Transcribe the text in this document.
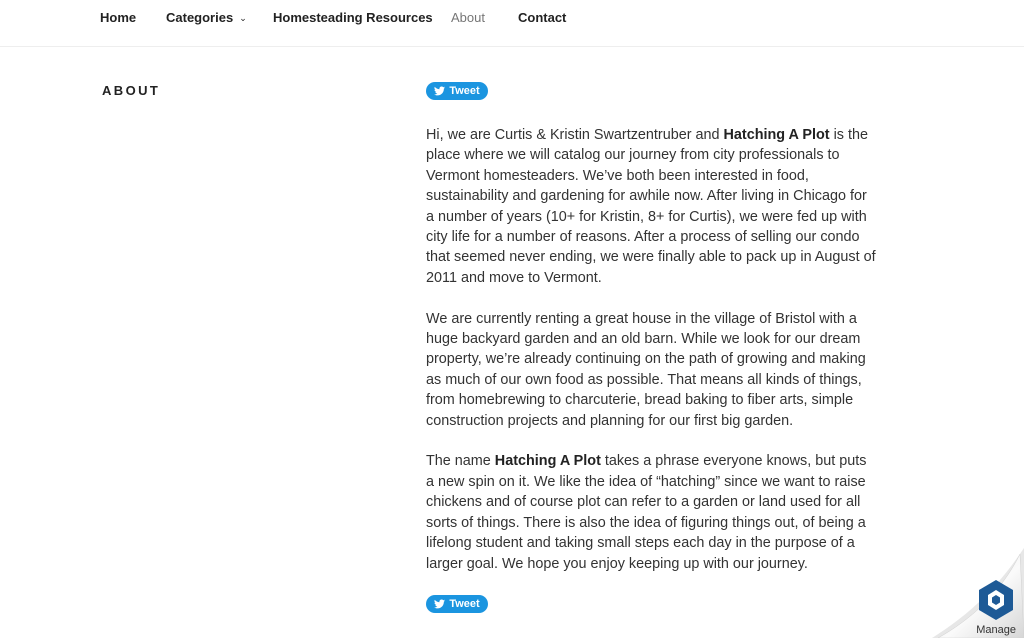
Home Categories ⌄ Homesteading Resources About	Contact
ABOUT	Tweet

Hi, we are Curtis & Kristin Swartzentruber and Hatching A Plot is the place where we will catalog our journey from city professionals to Vermont homesteaders. We’ve both been interested in food, sustainability and gardening for awhile now. After living in Chicago for a number of years (10+ for Kristin, 8+ for Curtis), we were fed up with city life for a number of reasons. After a process of selling our condo that seemed never ending, we were finally able to pack up in August of 2011 and move to Vermont.

We are currently renting a great house in the village of Bristol with a huge backyard garden and an old barn. While we look for our dream property, we’re already continuing on the path of growing and making as much of our own food as possible. That means all kinds of things, from homebrewing to charcuterie, bread baking to fiber arts, simple construction projects and planning for our first big garden.

The name Hatching A Plot takes a phrase everyone knows, but puts a new spin on it. We like the idea of “hatching” since we want to raise chickens and of course plot can refer to a garden or land used for all sorts of things. There is also the idea of figuring things out, of being a lifelong student and taking small steps each day in the purpose of a larger goal. We hope you enjoy keeping up with our journey.

Tweet
Manage
